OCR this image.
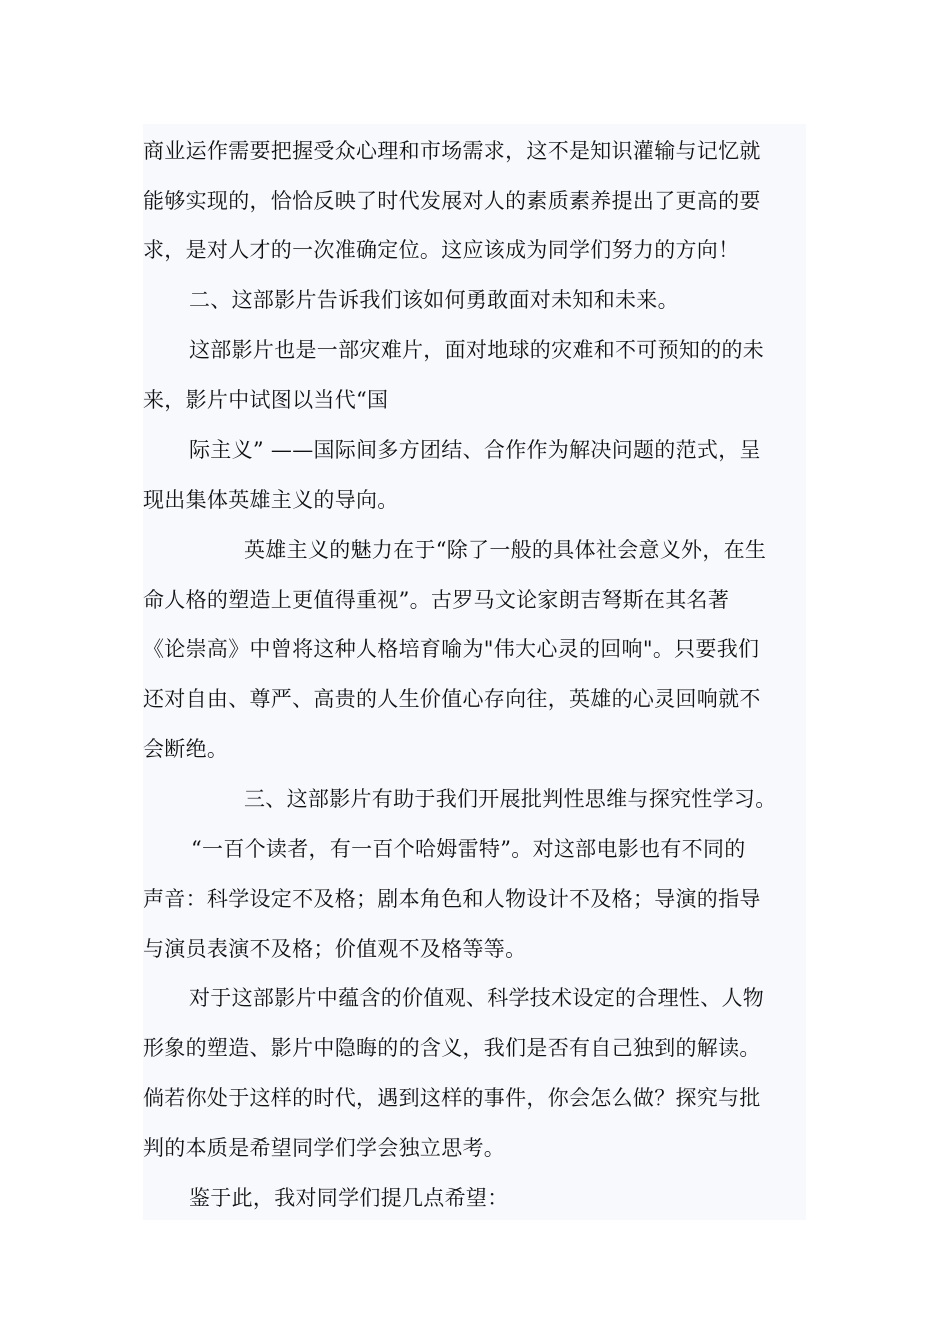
商业运作需要把握受众心理和市场需求，这不是知识灌输与记忆就
能够实现的，恰恰反映了时代发展对人的素质素养提出了更高的要
求，是对人才的一次准确定位。这应该成为同学们努力的方向！
二、这部影片告诉我们该如何勇敢面对未知和未来。
这部影片也是一部灾难片，面对地球的灾难和不可预知的的未
来，影片中试图以当代“国
际主义” ——国际间多方团结、合作作为解决问题的范式，呈
现出集体英雄主义的导向。
英雄主义的魅力在于“除了一般的具体社会意义外，在生
命人格的塑造上更值得重视”。古罗马文论家朗吉弩斯在其名著
《论崇高》中曾将这种人格培育喻为"伟大心灵的回响"。只要我们
还对自由、尊严、高贵的人生价值心存向往，英雄的心灵回响就不
会断绝。
三、这部影片有助于我们开展批判性思维与探究性学习。
“一百个读者，有一百个哈姆雷特”。对这部电影也有不同的
声音：科学设定不及格；剧本角色和人物设计不及格；导演的指导
与演员表演不及格；价值观不及格等等。
对于这部影片中蕴含的价值观、科学技术设定的合理性、人物
形象的塑造、影片中隐晦的的含义，我们是否有自己独到的解读。
倘若你处于这样的时代，遇到这样的事件，你会怎么做？探究与批
判的本质是希望同学们学会独立思考。
鉴于此，我对同学们提几点希望：
